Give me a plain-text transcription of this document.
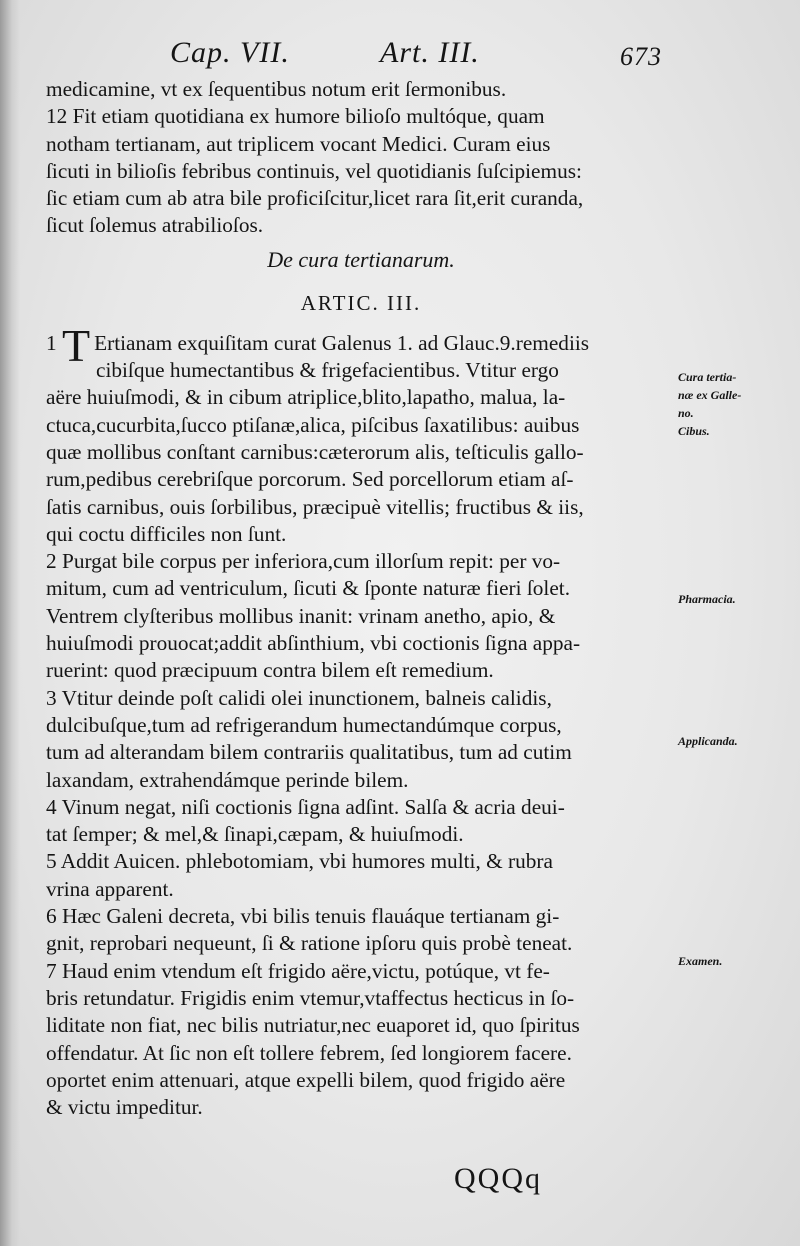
Cap. VII.	Art. III.	673
medicamine, vt ex ſequentibus notum erit ſermonibus.
12 Fit etiam quotidiana ex humore bilioſo multóque, quam
notham tertianam, aut triplicem vocant Medici. Curam eius
ſicuti in bilioſis febribus continuis, vel quotidianis ſuſcipiemus:
ſic etiam cum ab atra bile proficiſcitur,licet rara ſit,erit curanda,
ſicut ſolemus atrabilioſos.
De cura tertianarum.
ARTIC. III.
1 T Ertianam exquiſitam curat Galenus 1. ad Glauc.9.remediis
cibiſque humectantibus & frigefacientibus. Vtitur ergo
aëre huiuſmodi, & in cibum atriplice,blito,lapatho, malua, la-
ctuca,cucurbita,ſucco ptiſanæ,alica, piſcibus ſaxatilibus: auibus
quæ mollibus conſtant carnibus:cæterorum alis, teſticulis gallo-
rum,pedibus cerebriſque porcorum. Sed porcellorum etiam aſ-
ſatis carnibus, ouis ſorbilibus, præcipuè vitellis; fructibus & iis,
qui coctu difficiles non ſunt.
2 Purgat bile corpus per inferiora,cum illorſum repit: per vo-
mitum, cum ad ventriculum, ſicuti & ſponte naturæ fieri ſolet.
Ventrem clyſteribus mollibus inanit: vrinam anetho, apio, &
huiuſmodi prouocat;addit abſinthium, vbi coctionis ſigna appa-
ruerint: quod præcipuum contra bilem eſt remedium.
3 Vtitur deinde poſt calidi olei inunctionem, balneis calidis,
dulcibuſque,tum ad refrigerandum humectandúmque corpus,
tum ad alterandam bilem contrariis qualitatibus, tum ad cutim
laxandam, extrahendámque perinde bilem.
4 Vinum negat, niſi coctionis ſigna adſint. Salſa & acria deui-
tat ſemper; & mel,& ſinapi,cæpam, & huiuſmodi.
5 Addit Auicen. phlebotomiam, vbi humores multi, & rubra
vrina apparent.
6 Hæc Galeni decreta, vbi bilis tenuis flauáque tertianam gi-
gnit, reprobari nequeunt, ſi & ratione ipſoru quis probè teneat.
7 Haud enim vtendum eſt frigido aëre,victu, potúque, vt fe-
bris retundatur. Frigidis enim vtemur,vtaffectus hecticus in ſo-
liditate non fiat, nec bilis nutriatur,nec euaporet id, quo ſpiritus
offendatur. At ſic non eſt tollere febrem, ſed longiorem facere.
oportet enim attenuari, atque expelli bilem, quod frigido aëre
& victu impeditur.
Cura tertia-
næ ex Galle-
no.
Cibus.
Pharmacia.
Applicanda.
Examen.
QQQq
